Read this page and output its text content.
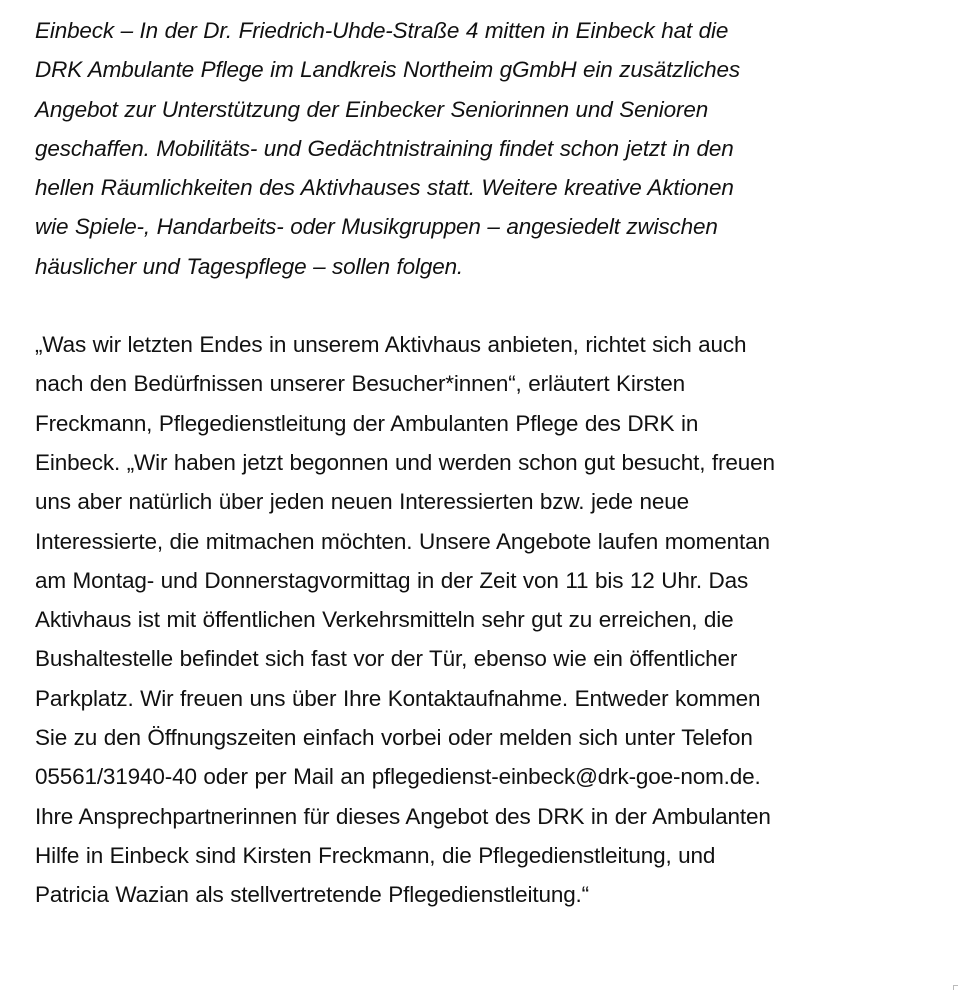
Einbeck – In der Dr. Friedrich-Uhde-Straße 4 mitten in Einbeck hat die
DRK Ambulante Pflege im Landkreis Northeim gGmbH ein zusätzliches
Angebot zur Unterstützung der Einbecker Seniorinnen und Senioren
geschaffen. Mobilitäts- und Gedächtnistraining findet schon jetzt in den
hellen Räumlichkeiten des Aktivhauses statt. Weitere kreative Aktionen
wie Spiele-, Handarbeits- oder Musikgruppen – angesiedelt zwischen
häuslicher und Tagespflege – sollen folgen.

„Was wir letzten Endes in unserem Aktivhaus anbieten, richtet sich auch
nach den Bedürfnissen unserer Besucher*innen“, erläutert Kirsten
Freckmann, Pflegedienstleitung der Ambulanten Pflege des DRK in
Einbeck. „Wir haben jetzt begonnen und werden schon gut besucht, freuen
uns aber natürlich über jeden neuen Interessierten bzw. jede neue
Interessierte, die mitmachen möchten. Unsere Angebote laufen momentan
am Montag- und Donnerstagvormittag in der Zeit von 11 bis 12 Uhr. Das
Aktivhaus ist mit öffentlichen Verkehrsmitteln sehr gut zu erreichen, die
Bushaltestelle befindet sich fast vor der Tür, ebenso wie ein öffentlicher
Parkplatz. Wir freuen uns über Ihre Kontaktaufnahme. Entweder kommen
Sie zu den Öffnungszeiten einfach vorbei oder melden sich unter Telefon
05561/31940-40 oder per Mail an pflegedienst-einbeck@drk-goe-nom.de.
Ihre Ansprechpartnerinnen für dieses Angebot des DRK in der Ambulanten
Hilfe in Einbeck sind Kirsten Freckmann, die Pflegedienstleitung, und
Patricia Wazian als stellvertretende Pflegedienstleitung.“
